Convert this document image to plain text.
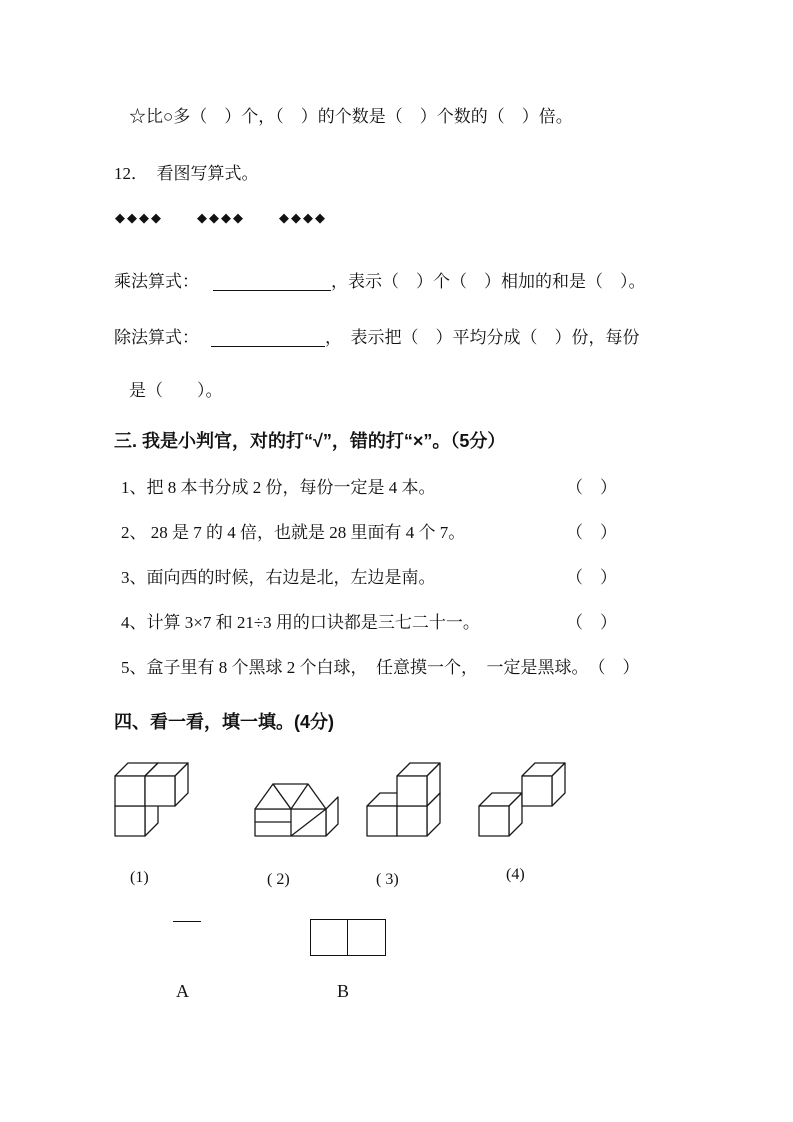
☆比○多（　）个，（　）的个数是（　）个数的（　）倍。
12．　看图写算式。
◆◆◆◆	◆◆◆◆	◆◆◆◆
乘法算式：	，表示（　）个（　）相加的和是（　）。
除法算式：	，　表示把（　）平均分成（　）份，每份
是（　　）。
三. 我是小判官，对的打“√”，错的打“×”。（5分）
1、把 8 本书分成 2 份，每份一定是 4 本。	（　）
2、 28 是 7 的 4 倍，也就是 28 里面有 4 个 7。	（　）
3、面向西的时候，右边是北，左边是南。	（　）
4、计算 3×7 和 21÷3 用的口诀都是三七二十一。	（　）
5、盒子里有 8 个黑球 2 个白球，　任意摸一个，　一定是黑球。 （　）
四、看一看，填一填。(4分)
(1)	( 2)	( 3)	(4)
A	B
